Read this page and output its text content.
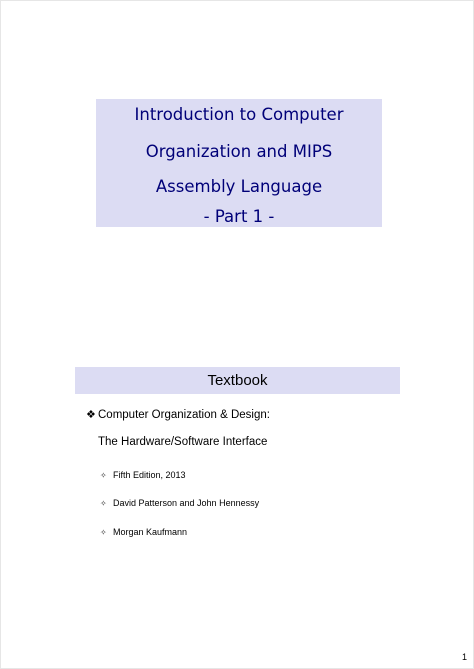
Introduction to Computer
Organization and MIPS
Assembly Language
- Part 1 -
Textbook
❖ Computer Organization & Design:
The Hardware/Software Interface
✧ Fifth Edition, 2013
✧ David Patterson and John Hennessy
✧ Morgan Kaufmann
1
